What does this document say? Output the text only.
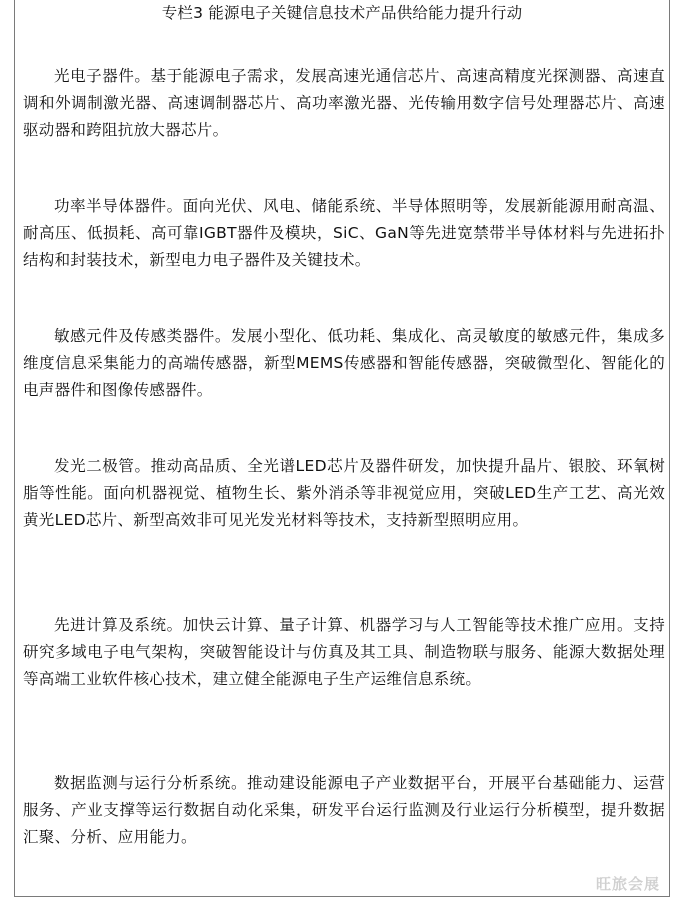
专栏3 能源电子关键信息技术产品供给能力提升行动

光电子器件。基于能源电子需求，发展高速光通信芯片、高速高精度光探测器、高速直调和外调制激光器、高速调制器芯片、高功率激光器、光传输用数字信号处理器芯片、高速驱动器和跨阻抗放大器芯片。

功率半导体器件。面向光伏、风电、储能系统、半导体照明等，发展新能源用耐高温、耐高压、低损耗、高可靠IGBT器件及模块，SiC、GaN等先进宽禁带半导体材料与先进拓扑结构和封装技术，新型电力电子器件及关键技术。

敏感元件及传感类器件。发展小型化、低功耗、集成化、高灵敏度的敏感元件，集成多维度信息采集能力的高端传感器，新型MEMS传感器和智能传感器，突破微型化、智能化的电声器件和图像传感器件。

发光二极管。推动高品质、全光谱LED芯片及器件研发，加快提升晶片、银胶、环氧树脂等性能。面向机器视觉、植物生长、紫外消杀等非视觉应用，突破LED生产工艺、高光效黄光LED芯片、新型高效非可见光发光材料等技术，支持新型照明应用。

先进计算及系统。加快云计算、量子计算、机器学习与人工智能等技术推广应用。支持研究多域电子电气架构，突破智能设计与仿真及其工具、制造物联与服务、能源大数据处理等高端工业软件核心技术，建立健全能源电子生产运维信息系统。

数据监测与运行分析系统。推动建设能源电子产业数据平台，开展平台基础能力、运营服务、产业支撑等运行数据自动化采集，研发平台运行监测及行业运行分析模型，提升数据汇聚、分析、应用能力。

旺旅会展
